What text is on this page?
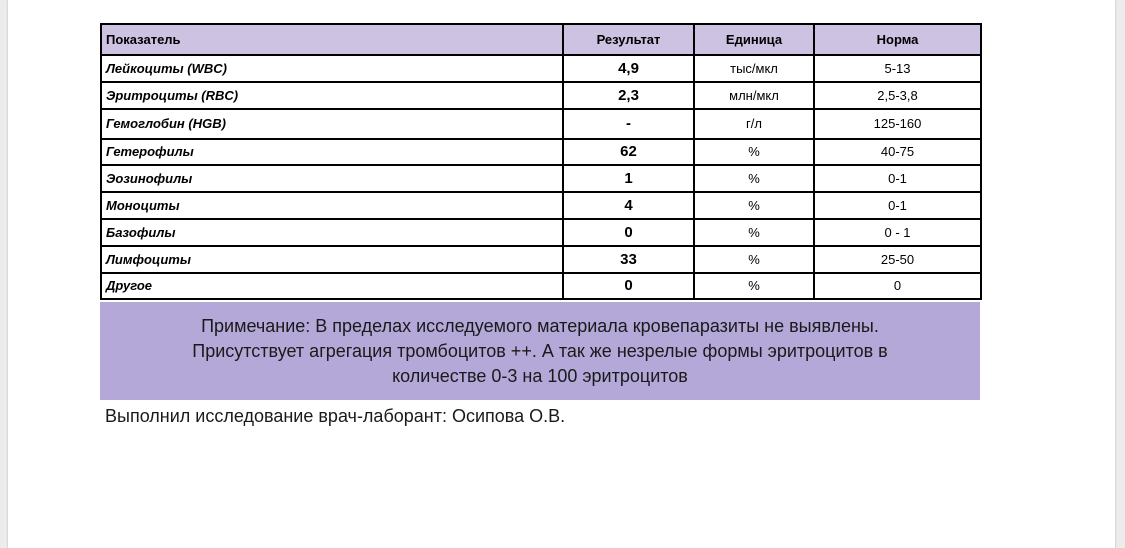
Показатель	Результат	Единица	Норма
Лейкоциты (WBC)	4,9	тыс/мкл	5-13
Эритроциты (RBC)	2,3	млн/мкл	2,5-3,8
Гемоглобин (HGB)	-	г/л	125-160
Гетерофилы	62	%	40-75
Эозинофилы	1	%	0-1
Моноциты	4	%	0-1
Базофилы	0	%	0 - 1
Лимфоциты	33	%	25-50
Другое	0	%	0
Примечание: В пределах исследуемого материала кровепаразиты не выявлены.
Присутствует агрегация тромбоцитов ++. А так же незрелые формы эритроцитов в
количестве 0-3 на 100 эритроцитов
Выполнил исследование врач-лаборант: Осипова О.В.
